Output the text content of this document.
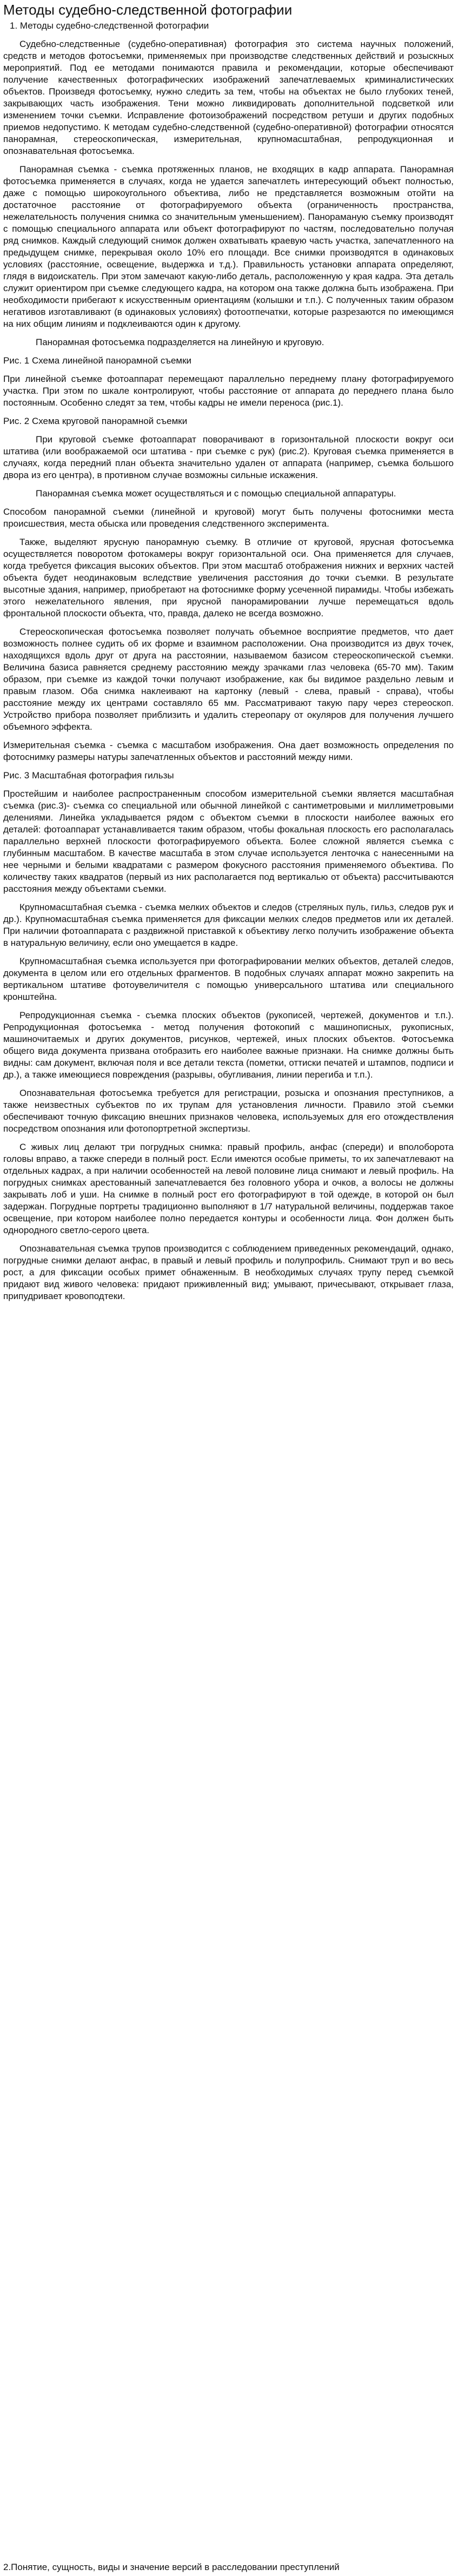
Методы судебно-следственной фотографии
1. Методы судебно-следственной фотографии
Судебно-следственные (судебно-оперативная) фотография это система научных положений, средств и методов фотосъемки, применяемых при производстве следственных действий и розыскных мероприятий. Под ее методами понимаются правила и рекомендации, которые обеспечивают получение качественных фотографических изображений запечатлеваемых криминалистических объектов. Произведя фотосъемку, нужно следить за тем, чтобы на объектах не было глубоких теней, закрывающих часть изображения. Тени можно ликвидировать дополнительной подсветкой или изменением точки съемки. Исправление фотоизображений посредством ретуши и других подобных приемов недопустимо. К методам судебно-следственной (судебно-оперативной) фотографии относятся панорамная, стереоскопическая, измерительная, крупномасштабная, репродукционная и опознавательная фотосъемка.
Панорамная съемка - съемка протяженных планов, не входящих в кадр аппарата. Панорамная фотосъемка применяется в случаях, когда не удается запечатлеть интересующий объект полностью, даже с помощью широкоугольного объектива, либо не представляется возможным отойти на достаточное расстояние от фотографируемого объекта (ограниченность пространства, нежелательность получения снимка со значительным уменьшением). Панораманую съемку производят с помощью специального аппарата или объект фотографируют по частям, последовательно получая ряд снимков. Каждый следующий снимок должен охватывать краевую часть участка, запечатленного на предыдущем снимке, перекрывая около 10% его площади. Все снимки производятся в одинаковых условиях (расстояние, освещение, выдержка и т.д.). Правильность установки аппарата определяют, глядя в видоискатель. При этом замечают какую-либо деталь, расположенную у края кадра. Эта деталь служит ориентиром при съемке следующего кадра, на котором она также должна быть изображена. При необходимости прибегают к искусственным ориентациям (колышки и т.п.). С полученных таким образом негативов изготавливают (в одинаковых условиях) фотоотпечатки, которые разрезаются по имеющимся на них общим линиям и подклеиваются один к другому.
Панорамная фотосъемка подразделяется на линейную и круговую.
Рис. 1 Схема линейной панорамной съемки
При линейной съемке фотоаппарат перемещают параллельно переднему плану фотографируемого участка. При этом по шкале контролируют, чтобы расстояние от аппарата до переднего плана было постоянным. Особенно следят за тем, чтобы кадры не имели переноса (рис.1).
Рис. 2 Схема круговой панорамной съемки
При круговой съемке фотоаппарат поворачивают в горизонтальной плоскости вокруг оси штатива (или воображаемой оси штатива - при съемке с рук) (рис.2). Круговая съемка применяется в случаях, когда передний план объекта значительно удален от аппарата (например, съемка большого двора из его центра), в противном случае возможны сильные искажения.
Панорамная съемка может осуществляться и с помощью специальной аппаратуры.
Способом панорамной съемки (линейной и круговой) могут быть получены фотоснимки места происшествия, места обыска или проведения следственного эксперимента.
Также, выделяют ярусную панорамную съемку. В отличие от круговой, ярусная фотосъемка осуществляется поворотом фотокамеры вокруг горизонтальной оси. Она применяется для случаев, когда требуется фиксация высоких объектов. При этом масштаб отображения нижних и верхних частей объекта будет неодинаковым вследствие увеличения расстояния до точки съемки. В результате высотные здания, например, приобретают на фотоснимке форму усеченной пирамиды. Чтобы избежать этого нежелательного явления, при ярусной панорамировании лучше перемещаться вдоль фронтальной плоскости объекта, что, правда, далеко не всегда возможно.
Стереоскопическая фотосъемка позволяет получать объемное восприятие предметов, что дает возможность полнее судить об их форме и взаимном расположении. Она производится из двух точек, находящихся вдоль друг от друга на расстоянии, называемом базисом стереоскопической съемки. Величина базиса равняется среднему расстоянию между зрачками глаз человека (65-70 мм). Таким образом, при съемке из каждой точки получают изображение, как бы видимое раздельно левым и правым глазом. Оба снимка наклеивают на картонку (левый - слева, правый - справа), чтобы расстояние между их центрами составляло 65 мм. Рассматривают такую пару через стереоскоп. Устройство прибора позволяет приблизить и удалить стереопару от окуляров для получения лучшего объемного эффекта.
Измерительная съемка - съемка с масштабом изображения. Она дает возможность определения по фотоснимку размеры натуры запечатленных объектов и расстояний между ними.
Рис. 3 Масштабная фотография гильзы
Простейшим и наиболее распространенным способом измерительной съемки является масштабная съемка (рис.3)- съемка со специальной или обычной линейкой с сантиметровыми и миллиметровыми делениями. Линейка укладывается рядом с объектом съемки в плоскости наиболее важных его деталей: фотоаппарат устанавливается таким образом, чтобы фокальная плоскость его располагалась параллельно верхней плоскости фотографируемого объекта. Более сложной является съемка с глубинным масштабом. В качестве масштаба в этом случае используется ленточка с нанесенными на нее черными и белыми квадратами с размером фокусного расстояния применяемого объектива. По количеству таких квадратов (первый из них располагается под вертикалью от объекта) рассчитываются расстояния между объектами съемки.
Крупномасштабная съемка - съемка мелких объектов и следов (стреляных пуль, гильз, следов рук и др.). Крупномасштабная съемка применяется для фиксации мелких следов предметов или их деталей. При наличии фотоаппарата с раздвижной приставкой к объективу легко получить изображение объекта в натуральную величину, если оно умещается в кадре.
Крупномасштабная съемка используется при фотографировании мелких объектов, деталей следов, документа в целом или его отдельных фрагментов. В подобных случаях аппарат можно закрепить на вертикальном штативе фотоувеличителя с помощью универсального штатива или специального кронштейна.
Репродукционная съемка - съемка плоских объектов (рукописей, чертежей, документов и т.п.). Репродукционная фотосъемка - метод получения фотокопий с машинописных, рукописных, машиночитаемых и других документов, рисунков, чертежей, иных плоских объектов. Фотосъемка общего вида документа призвана отобразить его наиболее важные признаки. На снимке должны быть видны: сам документ, включая поля и все детали текста (пометки, оттиски печатей и штампов, подписи и др.), а также имеющиеся повреждения (разрывы, обугливания, линии перегиба и т.п.).
Опознавательная фотосъемка требуется для регистрации, розыска и опознания преступников, а также неизвестных субъектов по их трупам для установления личности. Правило этой съемки обеспечивают точную фиксацию внешних признаков человека, используемых для его отождествления посредством опознания или фотопортретной экспертизы.
С живых лиц делают три погрудных снимка: правый профиль, анфас (спереди) и вполоборота головы вправо, а также спереди в полный рост. Если имеются особые приметы, то их запечатлевают на отдельных кадрах, а при наличии особенностей на левой половине лица снимают и левый профиль. На погрудных снимках арестованный запечатлевается без головного убора и очков, а волосы не должны закрывать лоб и уши. На снимке в полный рост его фотографируют в той одежде, в которой он был задержан. Погрудные портреты традиционно выполняют в 1/7 натуральной величины, поддержав такое освещение, при котором наиболее полно передается контуры и особенности лица. Фон должен быть однородного светло-серого цвета.
Опознавательная съемка трупов производится с соблюдением приведенных рекомендаций, однако, погрудные снимки делают анфас, в правый и левый профиль и полупрофиль. Снимают труп и во весь рост, а для фиксации особых примет обнаженным. В необходимых случаях трупу перед съемкой придают вид живого человека: придают приживленный вид; умывают, причесывают, открывает глаза, припудривает кровоподтеки.
2.Понятие, сущность, виды и значение версий в расследовании преступлений
